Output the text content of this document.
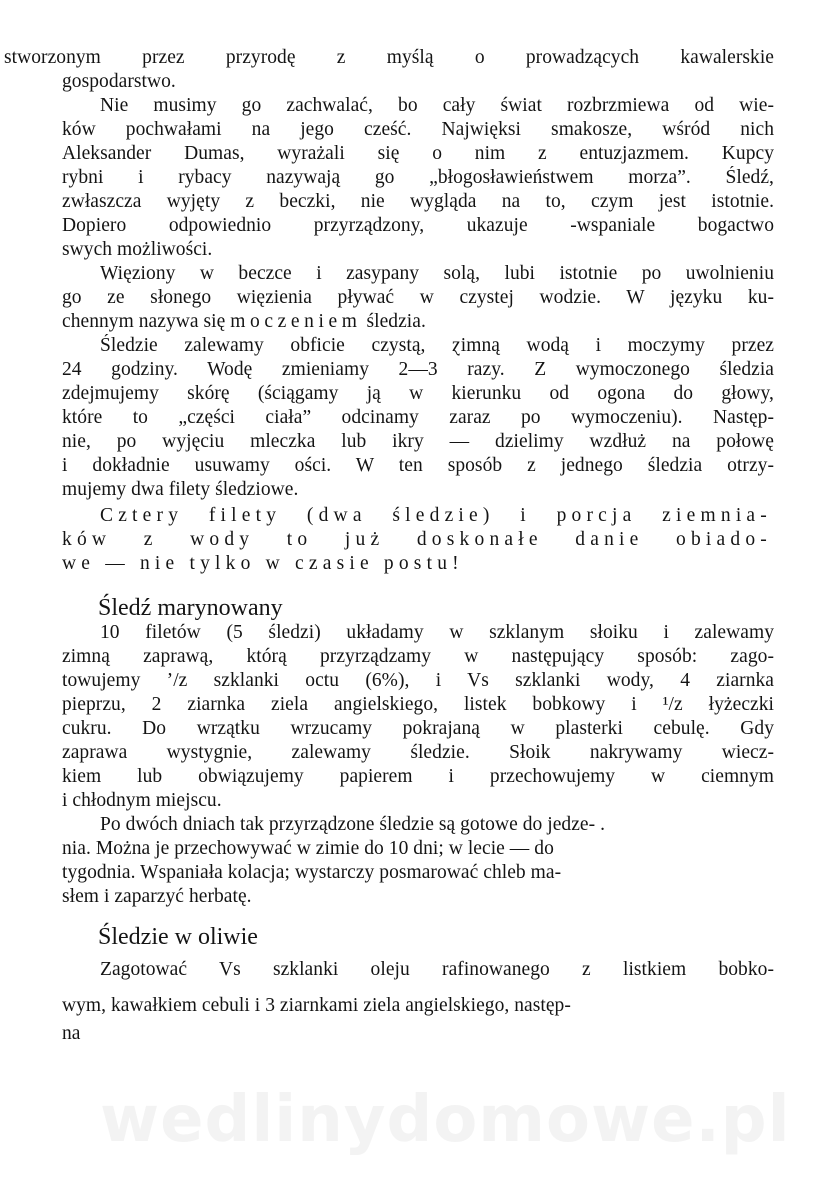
stworzonym przez przyrodę z myślą o prowadzących kawalerskie
gospodarstwo.
Nie musimy go zachwalać, bo cały świat rozbrzmiewa od wie-
ków pochwałami na jego cześć. Najwięksi smakosze, wśród nich
Aleksander Dumas, wyrażali się o nim z entuzjazmem. Kupcy
rybni i rybacy nazywają go „błogosławieństwem morza”. Śledź,
zwłaszcza wyjęty z beczki, nie wygląda na to, czym jest istotnie.
Dopiero odpowiednio przyrządzony, ukazuje -wspaniale bogactwo
swych możliwości.
Więziony w beczce i zasypany solą, lubi istotnie po uwolnieniu
go ze słonego więzienia pływać w czystej wodzie. W języku ku-
chennym nazywa się moczeniem śledzia.
Śledzie zalewamy obficie czystą, ɀimną wodą i moczymy przez
24 godziny. Wodę zmieniamy 2—3 razy. Z wymoczonego śledzia
zdejmujemy skórę (ściągamy ją w kierunku od ogona do głowy,
które to „części ciała” odcinamy zaraz po wymoczeniu). Następ-
nie, po wyjęciu mleczka lub ikry — dzielimy wzdłuż na połowę
i dokładnie usuwamy ości. W ten sposób z jednego śledzia otrzy-
mujemy dwa filety śledziowe.
Cztery filety (dwa śledzie) i porcja ziemnia-
ków z wody to już doskonałe danie obiado-
we — nie tylko w czasie postu!
Śledź marynowany
10 filetów (5 śledzi) układamy w szklanym słoiku i zalewamy
zimną zaprawą, którą przyrządzamy w następujący sposób: zago-
towujemy ’/z szklanki octu (6%), i Vs szklanki wody, 4 ziarnka
pieprzu, 2 ziarnka ziela angielskiego, listek bobkowy i ¹/z łyżeczki
cukru. Do wrzątku wrzucamy pokrajaną w plasterki cebulę. Gdy
zaprawa wystygnie, zalewamy śledzie. Słoik nakrywamy wiecz-
kiem lub obwiązujemy papierem i przechowujemy w ciemnym
i chłodnym miejscu.
Po dwóch dniach tak przyrządzone śledzie są gotowe do jedze- .
nia. Można je przechowywać w zimie do 10 dni; w lecie — do
tygodnia. Wspaniała kolacja; wystarczy posmarować chleb ma-
słem i zaparzyć herbatę.
Śledzie w oliwie
Zagotować Vs szklanki oleju rafinowanego z listkiem bobko-
wym, kawałkiem cebuli i 3 ziarnkami ziela angielskiego, następ-
na
wedlinydomowe.pl
